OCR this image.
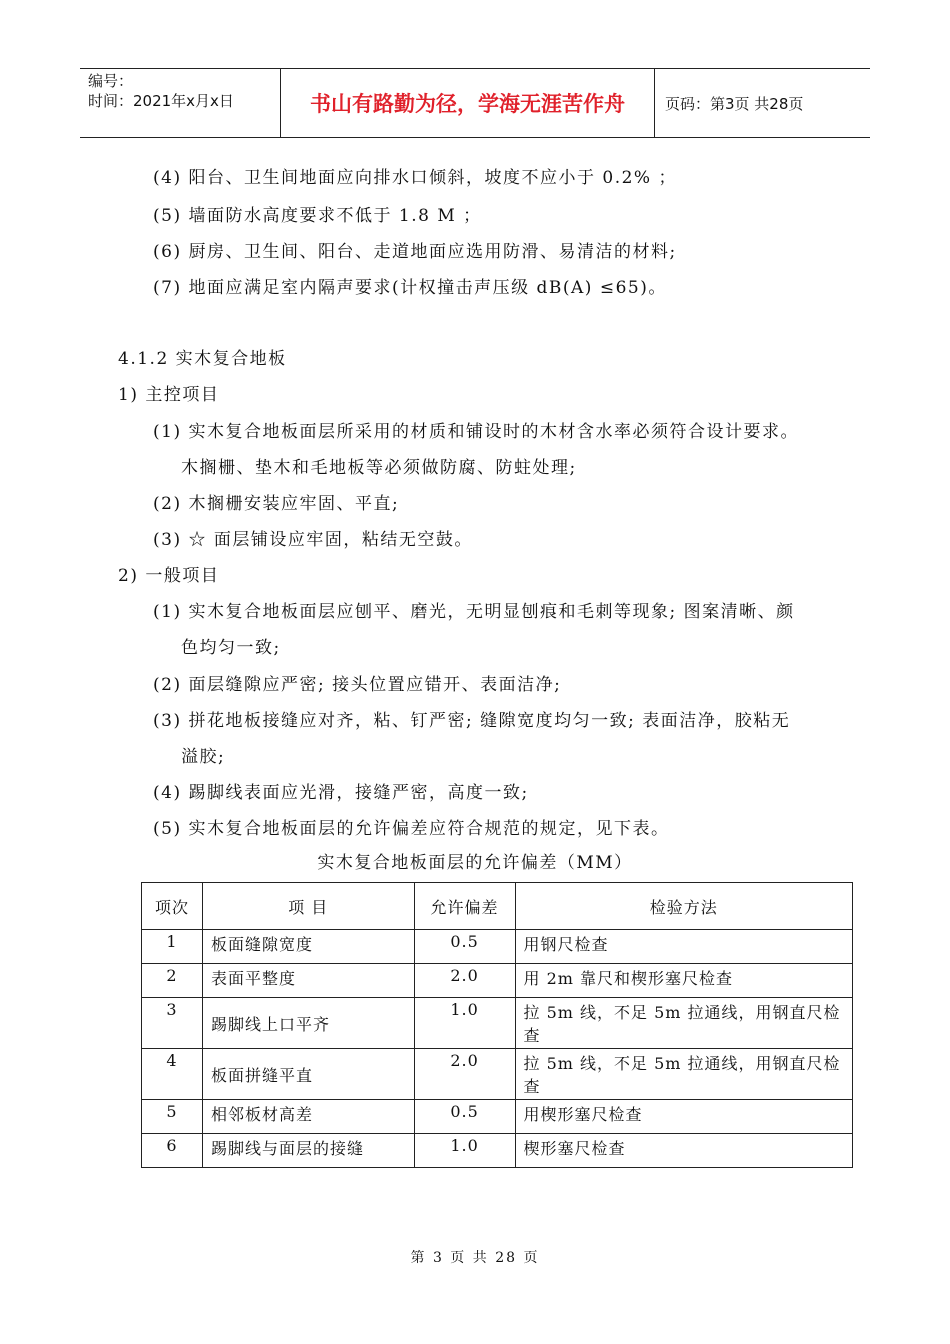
编号：
时间：2021年x月x日	书山有路勤为径，学海无涯苦作舟	页码：第3页 共28页
(4) 阳台、卫生间地面应向排水口倾斜，坡度不应小于 0.2% ；
(5) 墙面防水高度要求不低于 1.8 M ；
(6) 厨房、卫生间、阳台、走道地面应选用防滑、易清洁的材料;
(7) 地面应满足室内隔声要求(计权撞击声压级 dB(A) ≤65)。
4.1.2 实木复合地板
1) 主控项目
(1) 实木复合地板面层所采用的材质和铺设时的木材含水率必须符合设计要求。
木搁栅、垫木和毛地板等必须做防腐、防蛀处理;
(2) 木搁栅安装应牢固、平直;
(3) ☆ 面层铺设应牢固，粘结无空鼓。
2) 一般项目
(1) 实木复合地板面层应刨平、磨光，无明显刨痕和毛刺等现象; 图案清晰、颜
色均匀一致;
(2) 面层缝隙应严密; 接头位置应错开、表面洁净;
(3) 拼花地板接缝应对齐，粘、钉严密; 缝隙宽度均匀一致; 表面洁净，胶粘无
溢胶;
(4) 踢脚线表面应光滑，接缝严密，高度一致;
(5) 实木复合地板面层的允许偏差应符合规范的规定，见下表。
实木复合地板面层的允许偏差（MM）
项次	项 目	允许偏差	检验方法
1	板面缝隙宽度	0.5	用钢尺检查
2	表面平整度	2.0	用 2m 靠尺和楔形塞尺检查
3	踢脚线上口平齐	1.0	拉 5m 线，不足 5m 拉通线，用钢直尺检查
4	板面拼缝平直	2.0	拉 5m 线，不足 5m 拉通线，用钢直尺检查
5	相邻板材高差	0.5	用楔形塞尺检查
6	踢脚线与面层的接缝	1.0	楔形塞尺检查
第 3 页 共 28 页
